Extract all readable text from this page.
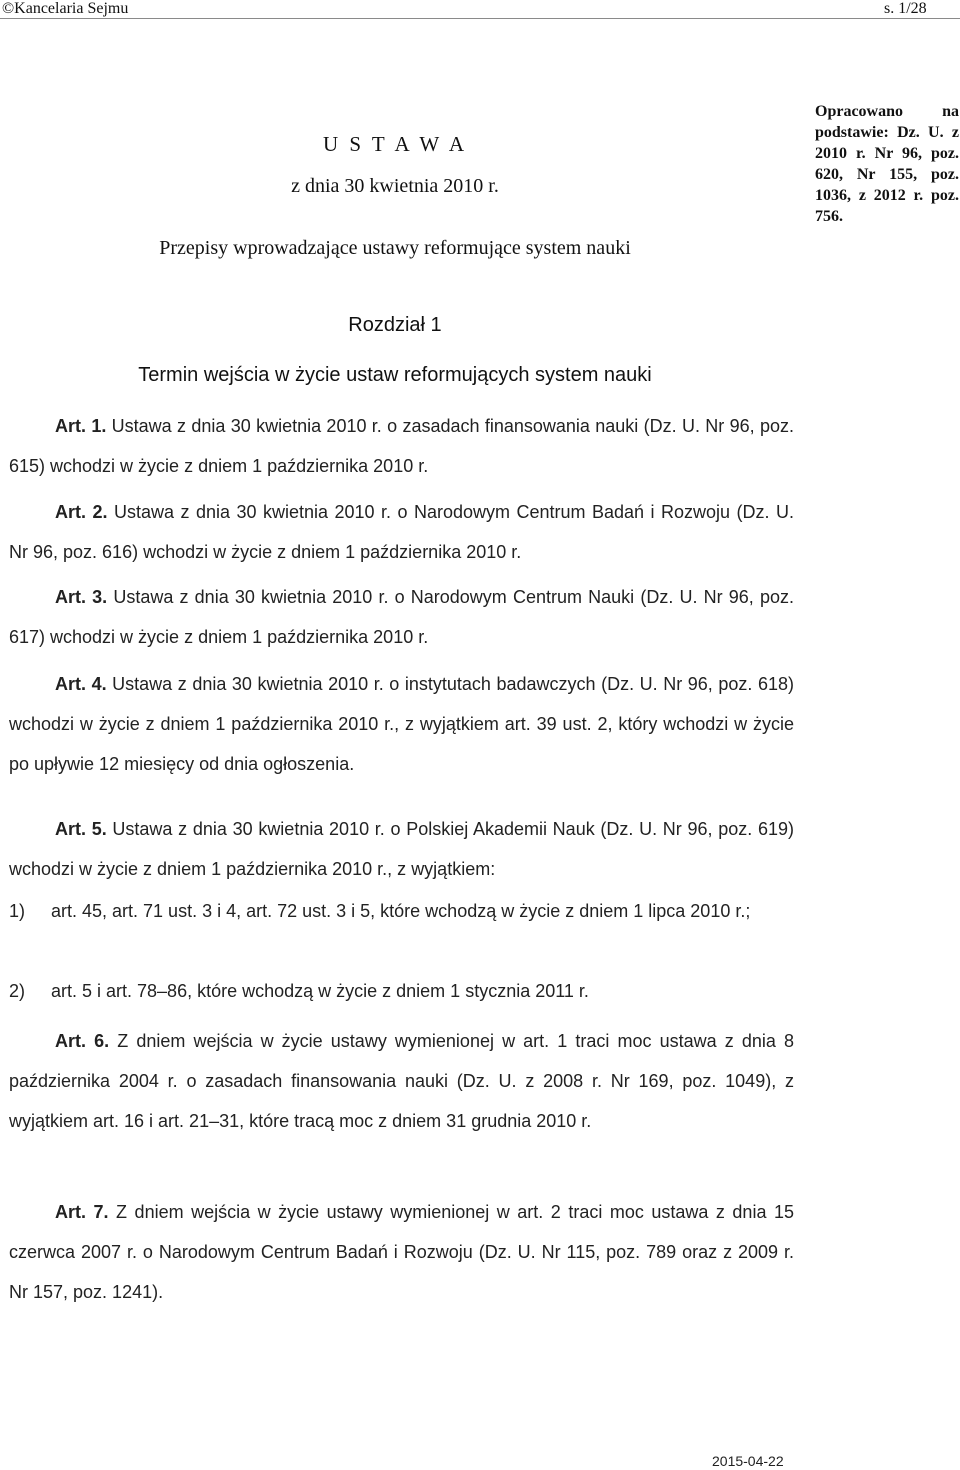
©Kancelaria Sejmu	s. 1/28
Opracowano na podstawie: Dz. U. z 2010 r. Nr 96, poz. 620, Nr 155, poz. 1036, z 2012 r. poz. 756.
U S T A W A
z dnia 30 kwietnia 2010 r.
Przepisy wprowadzające ustawy reformujące system nauki
Rozdział 1
Termin wejścia w życie ustaw reformujących system nauki
Art. 1. Ustawa z dnia 30 kwietnia 2010 r. o zasadach finansowania nauki (Dz. U. Nr 96, poz. 615) wchodzi w życie z dniem 1 października 2010 r.
Art. 2. Ustawa z dnia 30 kwietnia 2010 r. o Narodowym Centrum Badań i Rozwoju (Dz. U. Nr 96, poz. 616) wchodzi w życie z dniem 1 października 2010 r.
Art. 3. Ustawa z dnia 30 kwietnia 2010 r. o Narodowym Centrum Nauki (Dz. U. Nr 96, poz. 617) wchodzi w życie z dniem 1 października 2010 r.
Art. 4. Ustawa z dnia 30 kwietnia 2010 r. o instytutach badawczych (Dz. U. Nr 96, poz. 618) wchodzi w życie z dniem 1 października 2010 r., z wyjątkiem art. 39 ust. 2, który wchodzi w życie po upływie 12 miesięcy od dnia ogłoszenia.
Art. 5. Ustawa z dnia 30 kwietnia 2010 r. o Polskiej Akademii Nauk (Dz. U. Nr 96, poz. 619) wchodzi w życie z dniem 1 października 2010 r., z wyjątkiem:
1) art. 45, art. 71 ust. 3 i 4, art. 72 ust. 3 i 5, które wchodzą w życie z dniem 1 lipca 2010 r.;
2) art. 5 i art. 78–86, które wchodzą w życie z dniem 1 stycznia 2011 r.
Art. 6. Z dniem wejścia w życie ustawy wymienionej w art. 1 traci moc ustawa z dnia 8 października 2004 r. o zasadach finansowania nauki (Dz. U. z 2008 r. Nr 169, poz. 1049), z wyjątkiem art. 16 i art. 21–31, które tracą moc z dniem 31 grudnia 2010 r.
Art. 7. Z dniem wejścia w życie ustawy wymienionej w art. 2 traci moc ustawa z dnia 15 czerwca 2007 r. o Narodowym Centrum Badań i Rozwoju (Dz. U. Nr 115, poz. 789 oraz z 2009 r. Nr 157, poz. 1241).
2015-04-22
